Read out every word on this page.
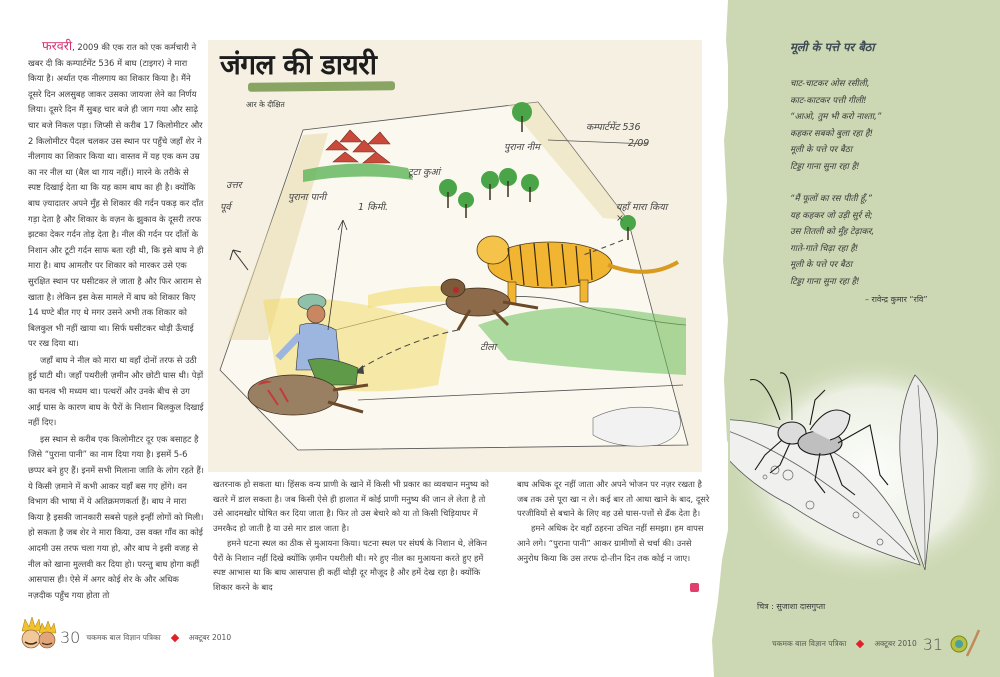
फरवरी, 2009 की एक रात को एक कर्मचारी ने खबर दी कि कम्पार्टमेंट 536 में बाघ (टाइगर) ने मारा किया है। अर्थात एक नीलगाय का शिकार किया है। मैंने दूसरे दिन अलसुबह जाकर उसका जायजा लेने का निर्णय लिया। दूसरे दिन मैं सुबह चार बजे ही जाग गया और साढ़े चार बजे निकल पड़ा। जिप्सी से करीब 17 किलोमीटर और 2 किलोमीटर पैदल चलकर उस स्थान पर पहुँचे जहाँ शेर ने नीलगाय का शिकार किया था। वास्तव में यह एक कम उम्र का नर नील था (बैल था गाय नहीं।) मारने के तरीके से स्पष्ट दिखाई देता था कि यह काम बाघ का ही है। क्योंकि बाघ ज़्यादातर अपने मुँह से शिकार की गर्दन पकड़ कर दाँत गड़ा देता है और शिकार के वज़न के झुकाव के दूसरी तरफ झटका देकर गर्दन तोड़ देता है। नील की गर्दन पर दाँतों के निशान और टूटी गर्दन साफ बता रही थी, कि इसे बाघ ने ही मारा है। बाघ आमतौर पर शिकार को मारकर उसे एक सुरक्षित स्थान पर घसीटकर ले जाता है और फिर आराम से खाता है। लेकिन इस केस मामले में बाघ को शिकार किए 14 घण्टे बीत गए थे मगर उसने अभी तक शिकार को बिलकुल भी नहीं खाया था। सिर्फ घसीटकर थोड़ी ऊँचाई पर रख दिया था।

जहाँ बाघ ने नील को मारा था वहाँ दोनों तरफ से उठी हुई घाटी थी। जहाँ पथरीली ज़मीन और छोटी घास थी। पेड़ों का घनत्व भी मध्यम था। पत्थरों और उनके बीच से उग आई घास के कारण बाघ के पैरों के निशान बिलकुल दिखाई नहीं दिए।

इस स्थान से करीब एक किलोमीटर दूर एक बसाहट है जिसे “पुराना पानी” का नाम दिया गया है। इसमें 5-6 छप्पर बने हुए हैं। इनमें सभी मिलाना जाति के लोग रहते हैं। ये किसी ज़माने में कभी आकर यहाँ बस गए होंगे। वन विभाग की भाषा में ये अतिक्रमणकर्ता हैं। बाघ ने मारा किया है इसकी जानकारी सबसे पहले इन्हीं लोगों को मिली। हो सकता है जब शेर ने मारा किया, उस वक्त गाँव का कोई आदमी उस तरफ चला गया हो, और बाघ ने इसी वजह से नील को खाना मुल्तवी कर दिया हो। परन्तु बाघ होगा कहीं आसपास ही। ऐसे में अगर कोई शेर के और अधिक नज़दीक पहुँच गया होता तो

जंगल की डायरी
आर के दीक्षित
उत्तर
पूर्व
पुराना पानी
टूटा कुआं
पुराना नीम
कम्पार्टमेंट 536
2/09
यहाँ मारा किया ×
1 किमी.
टीला

खतरनाक हो सकता था। हिंसक वन्य प्राणी के खाने में किसी भी प्रकार का व्यवधान मनुष्य को खतरे में डाल सकता है। जब किसी ऐसे ही हालात में कोई प्राणी मनुष्य की जान ले लेता है तो उसे आदमखोर घोषित कर दिया जाता है। फिर तो उस बेचारे को या तो किसी चिड़ियाघर में उमरकैद हो जाती है या उसे मार डाल जाता है।

हमने घटना स्थल का ठीक से मुआयना किया। घटना स्थल पर संघर्ष के निशान थे, लेकिन पैरों के निशान नहीं दिखे क्योंकि ज़मीन पथरीली थी। मरे हुए नील का मुआयना करते हुए हमें स्पष्ट आभास था कि बाघ आसपास ही कहीं थोड़ी दूर मौजूद है और हमें देख रहा है। क्योंकि शिकार करने के बाद

बाघ अधिक दूर नहीं जाता और अपने भोजन पर नज़र रखता है जब तक उसे पूरा खा न ले। कई बार तो आधा खाने के बाद, दूसरे परजीवियों से बचाने के लिए वह उसे घास-पत्तों से ढँक देता है।

हमने अधिक देर वहाँ ठहरना उचित नहीं समझा। हम वापस आने लगे। “पुराना पानी” आकर ग्रामीणों से चर्चा की। उनसे अनुरोध किया कि उस तरफ दो-तीन दिन तक कोई न जाए।

मूली के पत्ते पर बैठा
चाट-चाटकर ओस रसीली,
काट-काटकर पत्ती गीली!
“आओ, तुम भी करो नाश्ता,”
कहकर सबको बुला रहा है!
मूली के पत्ते पर बैठा
टिड्डा गाना सुना रहा है!
“मैं फूलों का रस पीती हूँ,”
यह कहकर जो उड़ी सुर्र से;
उस तितली को मुँह टेढ़ाकर,
गाते-गाते चिढ़ा रहा है!
मूली के पत्ते पर बैठा
टिड्डा गाना सुना रहा है!
– रावेन्द्र कुमार “रवि”
चित्र : सुजाशा दासगुप्ता
30 चकमक बाल विज्ञान पत्रिका	अक्टूबर 2010
चकमक बाल विज्ञान पत्रिका	अक्टूबर 2010 31
